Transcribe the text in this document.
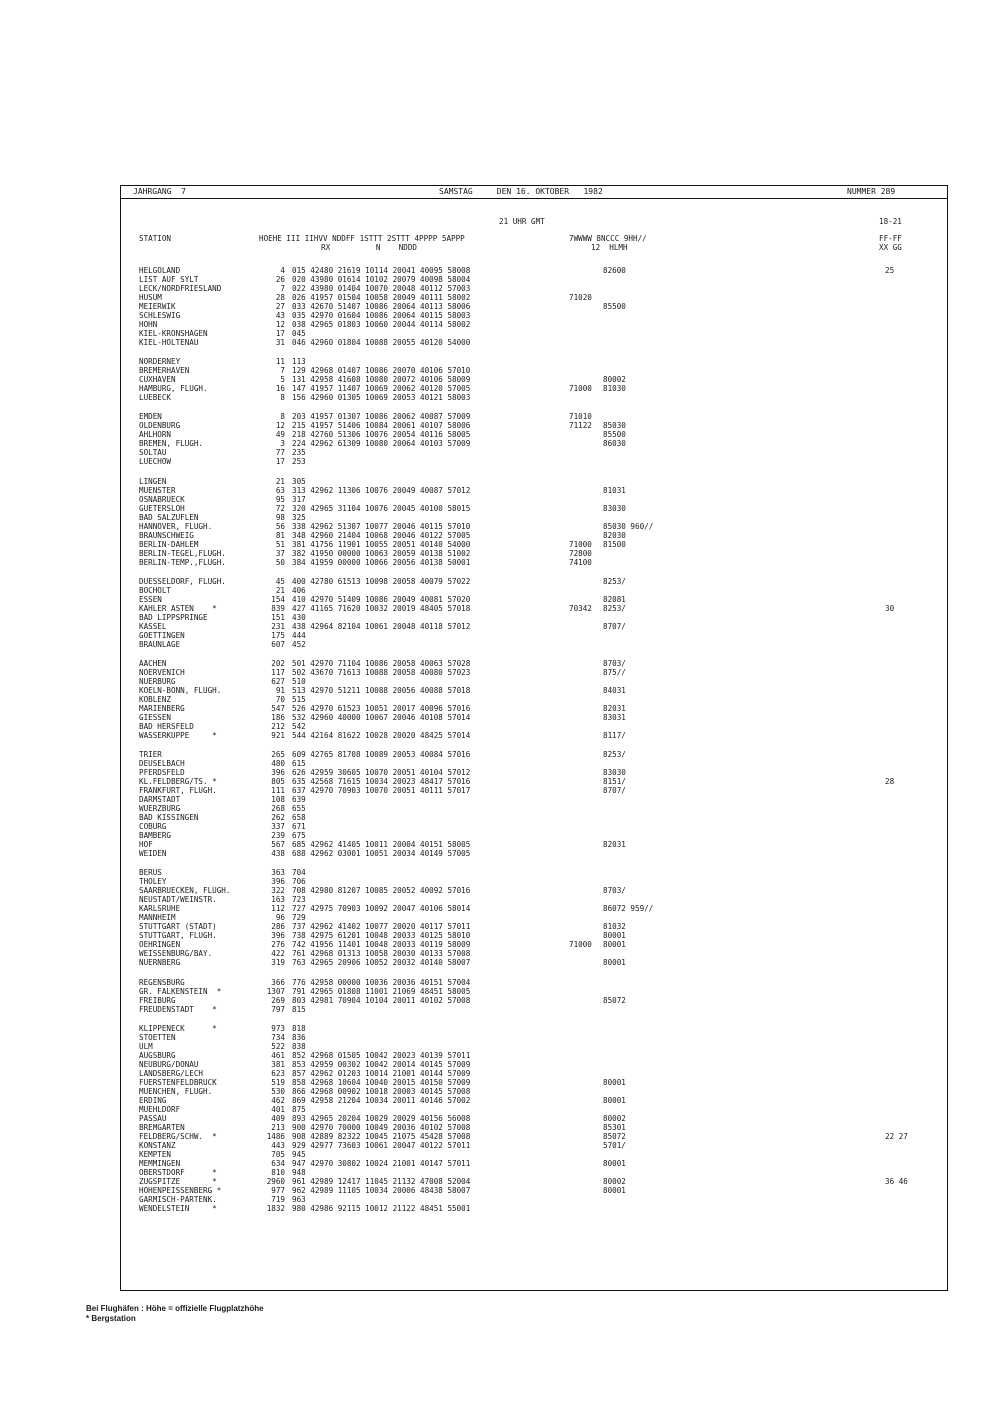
JAHRGANG  7	SAMSTAG     DEN 16. OKTOBER   1982	NUMMER 289
21 UHR GMT	18-21
STATION	HOEHE III IIHVV NDDFF 1STTT 2STTT 4PPPP 5APPP
RX          N    NDDD
7WWWW 8NCCC 9HH//
12  HLMH
FF-FF
XX GG
HELGOLAND	4 015 42480 21619 10114 20041 40095 58008	82600	25
LIST AUF SYLT	26 020 43980 01614 10102 20079 40098 58004
LECK/NORDFRIESLAND	7 022 43980 01404 10070 20048 40112 57003
HUSUM	28 026 41957 01504 10058 20049 40111 58002	71020
MEIERWIK	27 033 42670 51407 10086 20064 40113 58006	85500
SCHLESWIG	43 035 42970 01604 10086 20064 40115 58003
HOHN	12 038 42965 01803 10060 20044 40114 58002
KIEL-KRONSHAGEN	17 045
KIEL-HOLTENAU	31 046 42960 01804 10088 20055 40120 54000
NORDERNEY	11 113
BREMERHAVEN	7 129 42968 01407 10086 20070 40106 57010
CUXHAVEN	5 131 42958 41608 10080 20072 40106 58009	80002
HAMBURG, FLUGH.	16 147 41957 11407 10069 20062 40120 57005	71000 81030
LUEBECK	8 156 42960 01305 10069 20053 40121 58003
EMDEN	8 203 41957 01307 10086 20062 40087 57009	71010
OLDENBURG	12 215 41957 51406 10084 20061 40107 58006	71122 85030
AHLHORN	49 218 42760 51306 10076 20054 40116 58005	85500
BREMEN, FLUGH.	3 224 42962 61309 10080 20064 40103 57009	86030
SOLTAU	77 235
LUECHOW	17 253
LINGEN	21 305
MUENSTER	63 313 42962 11306 10076 20049 40087 57012	81031
OSNABRUECK	95 317
GUETERSLOH	72 320 42965 31104 10076 20045 40100 58015	83030
BAD SALZUFLEN	98 325
HANNOVER, FLUGH.	56 338 42962 51307 10077 20046 40115 57010	85030 960//
BRAUNSCHWEIG	81 348 42960 21404 10068 20046 40122 57005	82030
BERLIN-DAHLEM	51 381 41756 11901 10055 20051 40140 54000	71000 81500
BERLIN-TEGEL,FLUGH.	37 382 41950 00000 10063 20059 40138 51002	72800
BERLIN-TEMP.,FLUGH.	50 384 41959 00000 10066 20056 40138 50001	74100
DUESSELDORF, FLUGH.	45 400 42780 61513 10098 20058 40079 57022	8253/
BOCHOLT	21 406
ESSEN	154 410 42970 51409 10086 20049 40081 57020	82081
KAHLER ASTEN    *	839 427 41165 71620 10032 20019 48405 57018	70342 8253/	30
BAD LIPPSPRINGE	151 430
KASSEL	231 438 42964 82104 10061 20048 40118 57012	8707/
GOETTINGEN	175 444
BRAUNLAGE	607 452
AACHEN	202 501 42970 71104 10086 20058 40063 57028	8703/
NOERVENICH	117 502 43670 71613 10088 20058 40080 57023	875//
NUERBURG	627 510
KOELN-BONN, FLUGH.	91 513 42970 51211 10088 20056 40088 57018	84031
KOBLENZ	70 515
MARIENBERG	547 526 42970 61523 10051 20017 40096 57016	82031
GIESSEN	186 532 42960 40000 10067 20046 40108 57014	83031
BAD HERSFELD	212 542
WASSERKUPPE     *	921 544 42164 81622 10028 20020 48425 57014	8117/
TRIER	265 609 42765 81708 10089 20053 40084 57016	8253/
DEUSELBACH	480 615
PFERDSFELD	396 626 42959 30605 10070 20051 40104 57012	83030
KL.FELDBERG/TS. *	805 635 42568 71615 10034 20023 48417 57016	8151/	28
FRANKFURT, FLUGH.	111 637 42970 70903 10070 20051 40111 57017	8707/
DARMSTADT	108 639
WUERZBURG	268 655
BAD KISSINGEN	262 658
COBURG	337 671
BAMBERG	239 675
HOF	567 685 42962 41405 10011 20004 40151 58005	82031
WEIDEN	438 688 42962 03001 10051 20034 40149 57005
BERUS	363 704
THOLEY	396 706
SAARBRUECKEN, FLUGH.	322 708 42980 81207 10085 20052 40092 57016	8703/
NEUSTADT/WEINSTR.	163 723
KARLSRUHE	112 727 42975 70903 10092 20047 40106 58014	86072 959//
MANNHEIM	96 729
STUTTGART (STADT)	286 737 42962 41402 10077 20020 40117 57011	81032
STUTTGART, FLUGH.	396 738 42975 61201 10048 20033 40125 58010	80001
OEHRINGEN	276 742 41956 11401 10048 20033 40119 58009	71000 80001
WEISSENBURG/BAY.	422 761 42968 01313 10058 20030 40133 57008
NUERNBERG	319 763 42965 20906 10052 20032 40140 58007	80001
REGENSBURG	366 776 42958 00000 10036 20036 40151 57004
GR. FALKENSTEIN  *	1307 791 42965 01808 11001 21069 48451 58005
FREIBURG	269 803 42981 70904 10104 20011 40102 57008	85072
FREUDENSTADT    *	797 815
KLIPPENECK      *	973 818
STOETTEN	734 836
ULM	522 838
AUGSBURG	461 852 42968 01505 10042 20023 40139 57011
NEUBURG/DONAU	381 853 42959 00302 10042 20014 40145 57009
LANDSBERG/LECH	623 857 42962 01203 10014 21001 40144 57009
FUERSTENFELDBRUCK	519 858 42968 10604 10040 20015 40150 57009	80001
MUENCHEN, FLUGH.	530 866 42968 00902 10018 20003 40145 57008
ERDING	462 869 42958 21204 10034 20011 40146 57002	80001
MUEHLDORF	401 875
PASSAU	409 893 42965 20204 10029 20029 40156 56008	80002
BREMGARTEN	213 900 42970 70000 10049 20036 40102 57008	85301
FELDBERG/SCHW.  *	1486 908 42889 82322 10045 21075 45428 57008	85072	22 27
KONSTANZ	443 929 42977 73603 10061 20047 40122 57011	5701/
KEMPTEN	705 945
MEMMINGEN	634 947 42970 30802 10024 21001 40147 57011	80001
OBERSTDORF      *	810 948
ZUGSPITZE       *	2960 961 42989 12417 11045 21132 47008 52004	80002	36 46
HOHENPEISSENBERG *	977 962 42989 11105 10034 20006 48438 58007	80001
GARMISCH-PARTENK.	719 963
WENDELSTEIN     *	1832 980 42986 92115 10012 21122 48451 55001
Bei Flughäfen : Höhe = offizielle Flugplatzhöhe
* Bergstation
